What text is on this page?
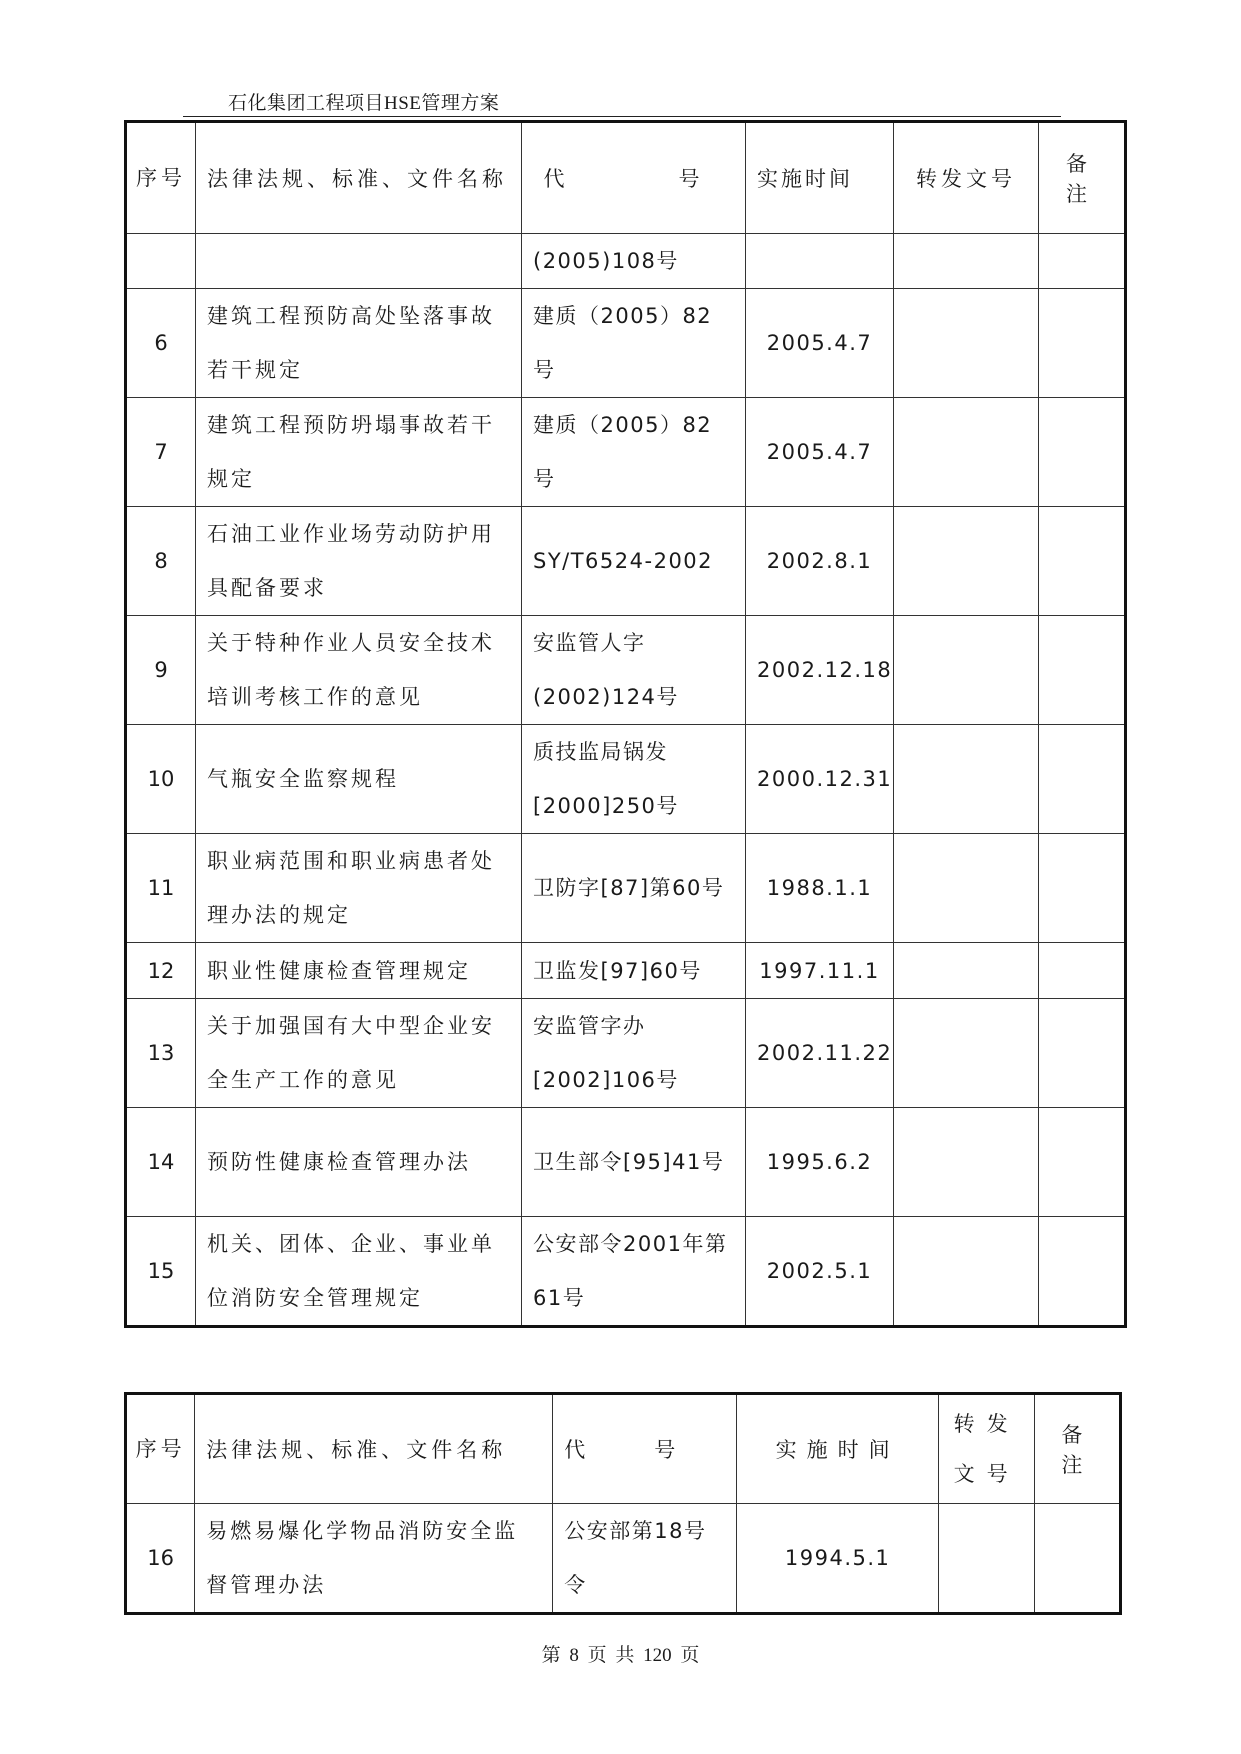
石化集团工程项目HSE管理方案
序号	法律法规、标准、文件名称	代　　号	实施时间	转发文号	备 注
		(2005)108号			
6	建筑工程预防高处坠落事故若干规定	建质（2005）82号	2005.4.7		
7	建筑工程预防坍塌事故若干规定	建质（2005）82号	2005.4.7		
8	石油工业作业场劳动防护用具配备要求	SY/T6524-2002	2002.8.1		
9	关于特种作业人员安全技术培训考核工作的意见	安监管人字(2002)124号	2002.12.18		
10	气瓶安全监察规程	质技监局锅发[2000]250号	2000.12.31		
11	职业病范围和职业病患者处理办法的规定	卫防字[87]第60号	1988.1.1		
12	职业性健康检查管理规定	卫监发[97]60号	1997.11.1		
13	关于加强国有大中型企业安全生产工作的意见	安监管字办[2002]106号	2002.11.22		
14	预防性健康检查管理办法	卫生部令[95]41号	1995.6.2		
15	机关、团体、企业、事业单位消防安全管理规定	公安部令2001年第61号	2002.5.1		
序号	法律法规、标准、文件名称	代　号	实施时间	转发文号	备 注
16	易燃易爆化学物品消防安全监督管理办法	公安部第18号令	1994.5.1		
第 8 页 共 120 页
